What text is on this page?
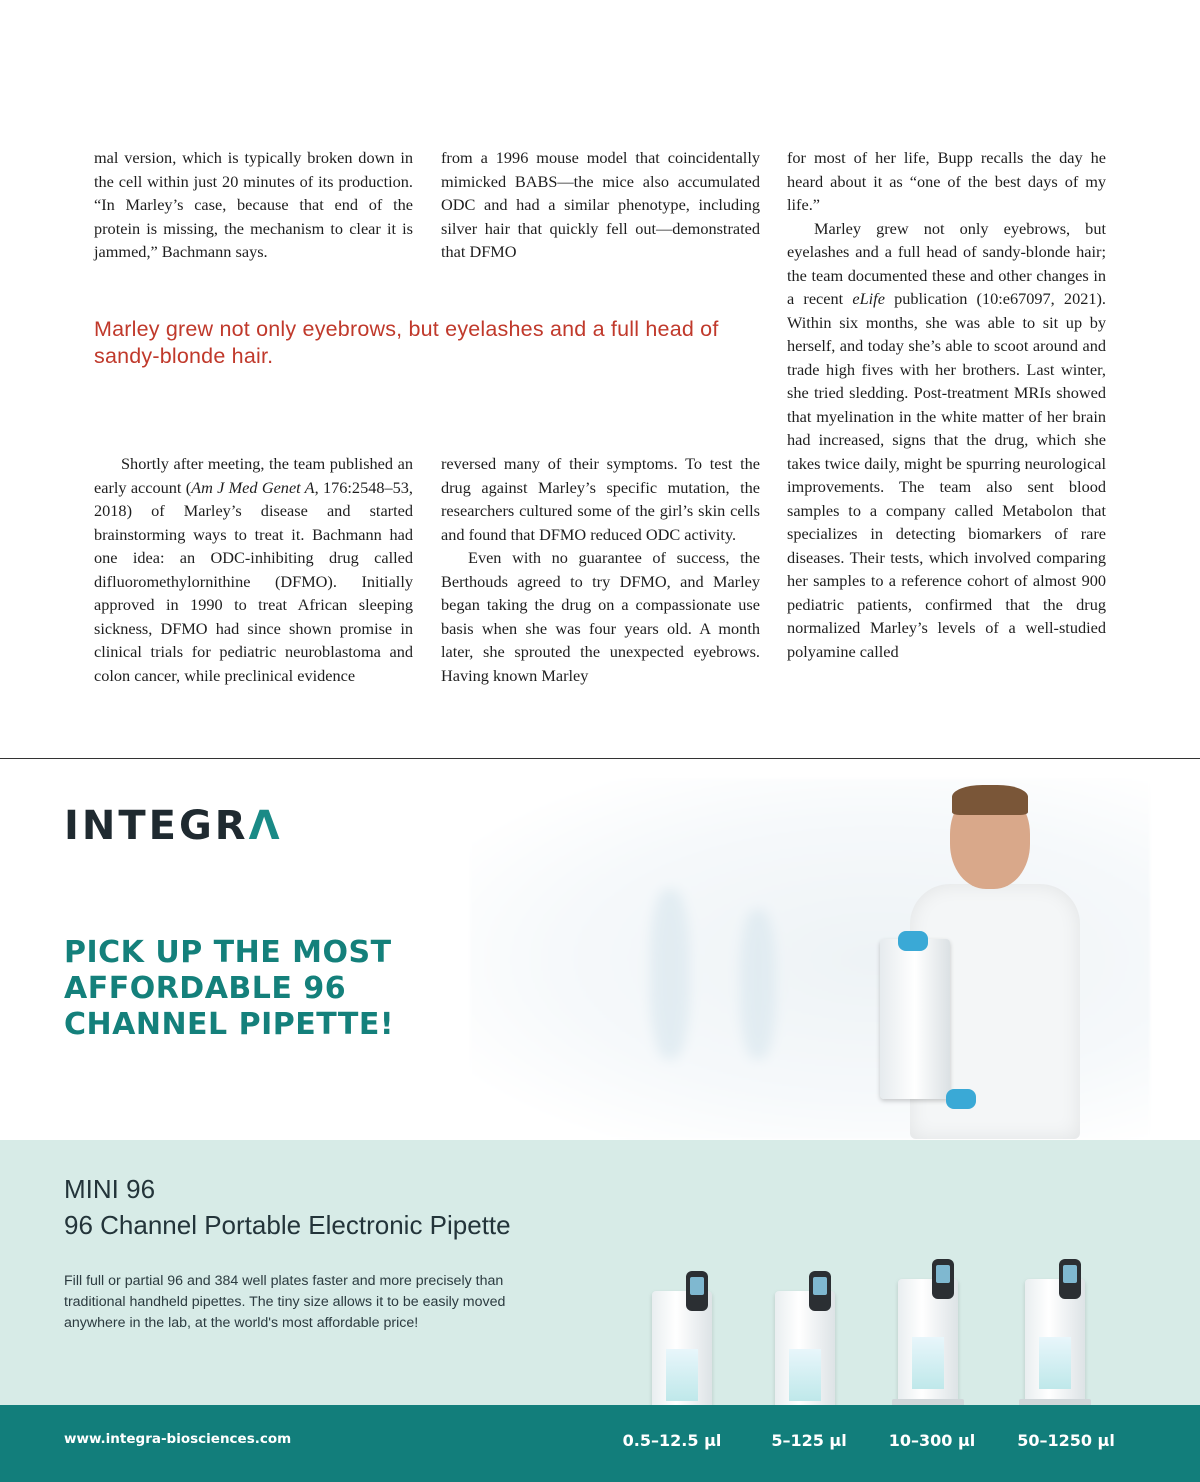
mal version, which is typically broken down in the cell within just 20 minutes of its production. “In Marley’s case, because that end of the protein is missing, the mechanism to clear it is jammed,” Bachmann says.

from a 1996 mouse model that coincidentally mimicked BABS—the mice also accumulated ODC and had a similar phenotype, including silver hair that quickly fell out—demonstrated that DFMO

Marley grew not only eyebrows, but eyelashes and a full head of sandy-blonde hair.

for most of her life, Bupp recalls the day he heard about it as “one of the best days of my life.”

Marley grew not only eyebrows, but eyelashes and a full head of sandy-blonde hair; the team documented these and other changes in a recent eLife publication (10:e67097, 2021). Within six months, she was able to sit up by herself, and today she’s able to scoot around and trade high fives with her brothers. Last winter, she tried sledding. Post-treatment MRIs showed that myelination in the white matter of her brain had increased, signs that the drug, which she takes twice daily, might be spurring neurological improvements. The team also sent blood samples to a company called Metabolon that specializes in detecting biomarkers of rare diseases. Their tests, which involved comparing her samples to a reference cohort of almost 900 pediatric patients, confirmed that the drug normalized Marley’s levels of a well-studied polyamine called

Shortly after meeting, the team published an early account (Am J Med Genet A, 176:2548–53, 2018) of Marley’s disease and started brainstorming ways to treat it. Bachmann had one idea: an ODC-inhibiting drug called difluoromethylornithine (DFMO). Initially approved in 1990 to treat African sleeping sickness, DFMO had since shown promise in clinical trials for pediatric neuroblastoma and colon cancer, while preclinical evidence

reversed many of their symptoms. To test the drug against Marley’s specific mutation, the researchers cultured some of the girl’s skin cells and found that DFMO reduced ODC activity.

Even with no guarantee of success, the Berthouds agreed to try DFMO, and Marley began taking the drug on a compassionate use basis when she was four years old. A month later, she sprouted the unexpected eyebrows. Having known Marley

INTEGRΛ
PICK UP THE MOST
AFFORDABLE 96
CHANNEL PIPETTE!
MINI 96
96 Channel Portable Electronic Pipette
Fill full or partial 96 and 384 well plates faster and more precisely than traditional handheld pipettes. The tiny size allows it to be easily moved anywhere in the lab, at the world's most affordable price!
www.integra-biosciences.com	0.5–12.5 µl	5–125 µl	10–300 µl	50–1250 µl
